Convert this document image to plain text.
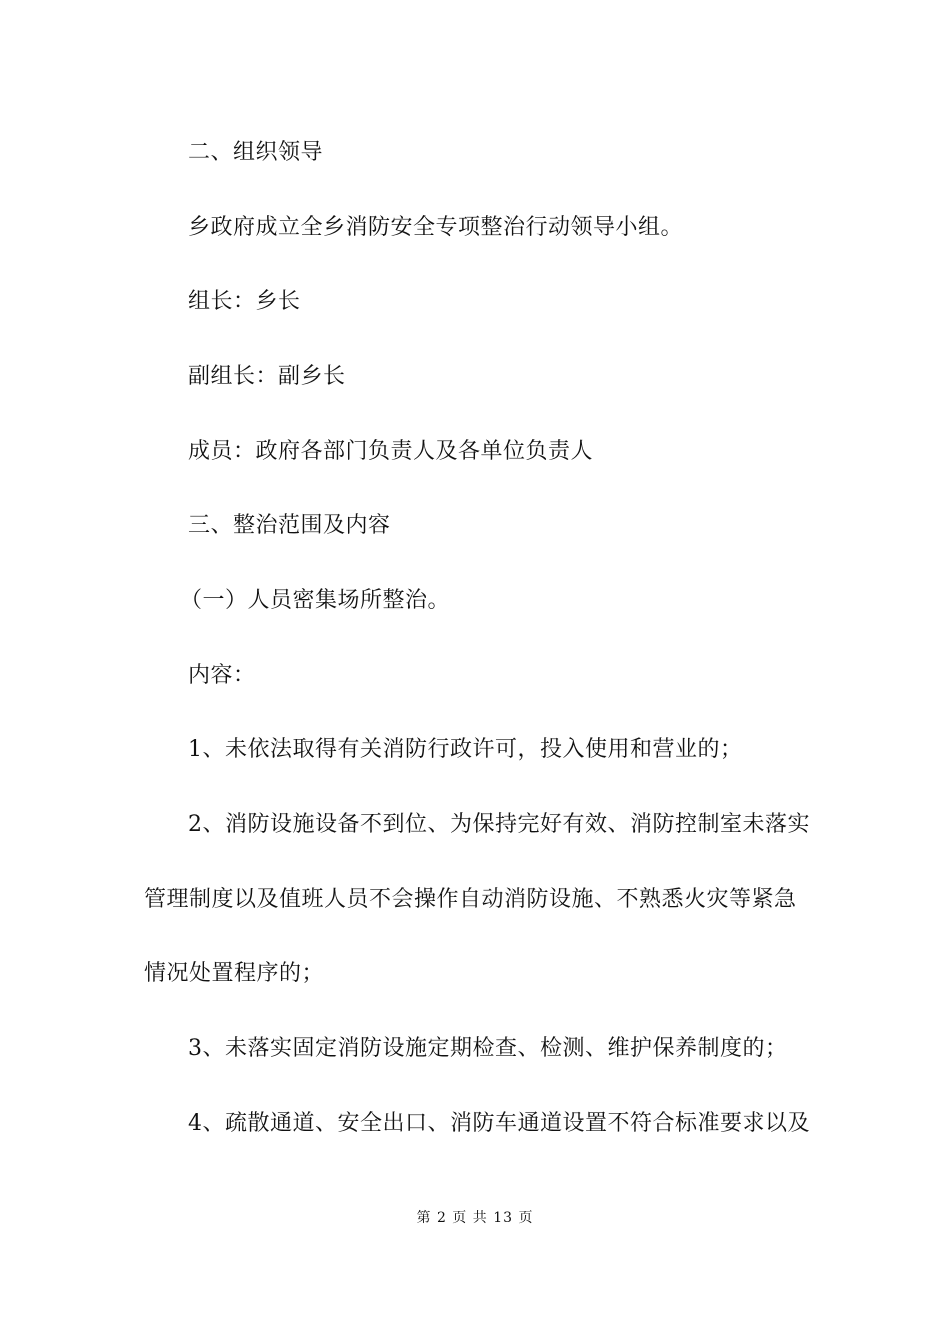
二、组织领导
乡政府成立全乡消防安全专项整治行动领导小组。
组长：乡长
副组长：副乡长
成员：政府各部门负责人及各单位负责人
三、整治范围及内容
（一）人员密集场所整治。
内容：
1、未依法取得有关消防行政许可，投入使用和营业的；
2、消防设施设备不到位、为保持完好有效、消防控制室未落实
管理制度以及值班人员不会操作自动消防设施、不熟悉火灾等紧急
情况处置程序的；
3、未落实固定消防设施定期检查、检测、维护保养制度的；
4、疏散通道、安全出口、消防车通道设置不符合标准要求以及
第 2 页 共 13 页
